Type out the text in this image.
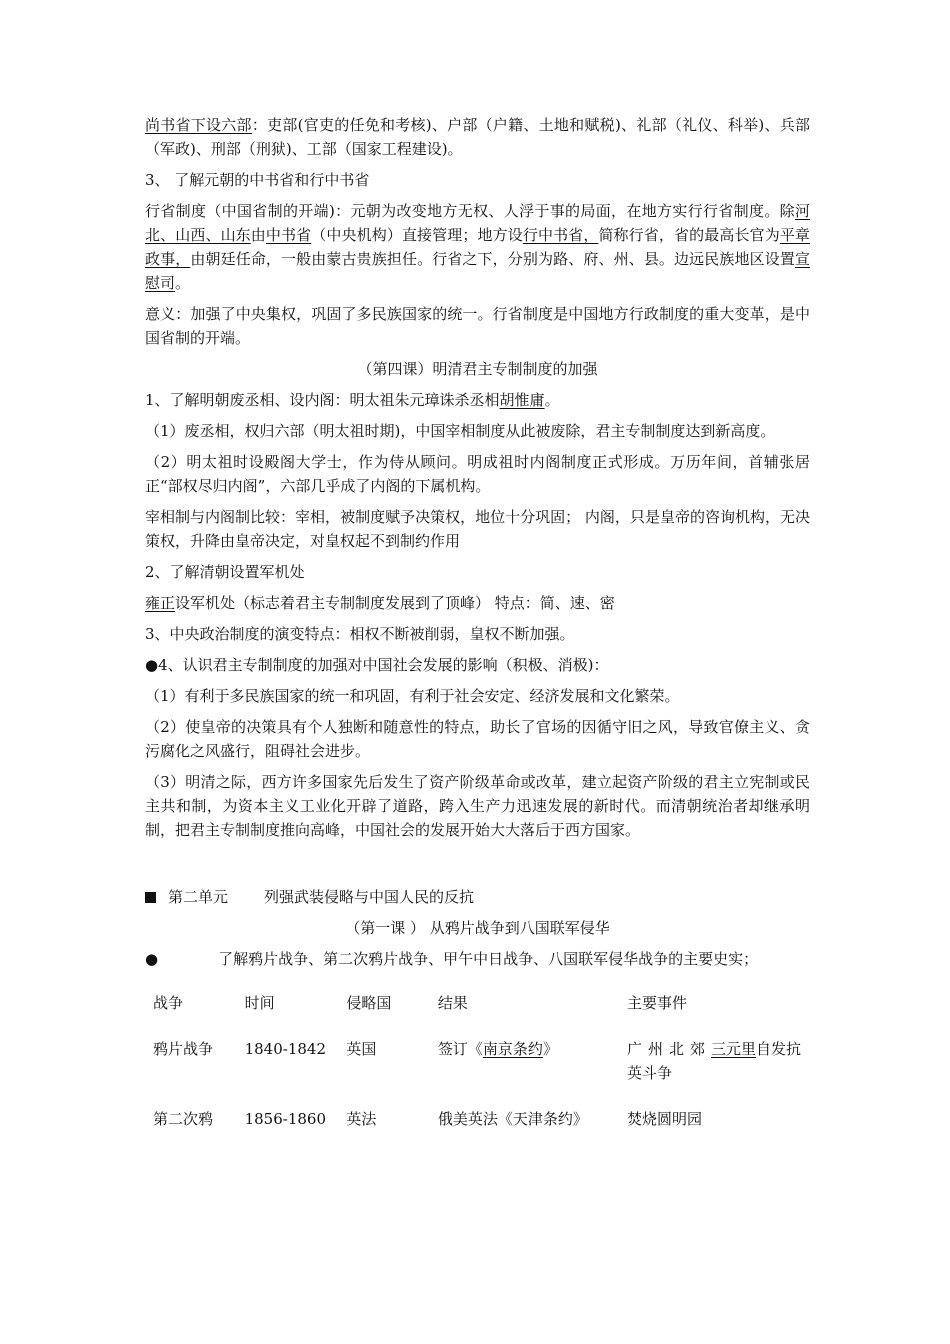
尚书省下设六部：吏部(官吏的任免和考核)、户部（户籍、土地和赋税)、礼部（礼仪、科举)、兵部（军政)、刑部（刑狱)、工部（国家工程建设)。

3、 了解元朝的中书省和行中书省

行省制度（中国省制的开端)：元朝为改变地方无权、人浮于事的局面，在地方实行行省制度。除河北、山西、山东由中书省（中央机构）直接管理；地方设行中书省，简称行省，省的最高长官为平章政事，由朝廷任命，一般由蒙古贵族担任。行省之下，分别为路、府、州、县。边远民族地区设置宣慰司。

意义：加强了中央集权，巩固了多民族国家的统一。行省制度是中国地方行政制度的重大变革，是中国省制的开端。

（第四课）明清君主专制制度的加强

1、了解明朝废丞相、设内阁：明太祖朱元璋诛杀丞相胡惟庸。

（1）废丞相，权归六部（明太祖时期)，中国宰相制度从此被废除，君主专制制度达到新高度。

（2）明太祖时设殿阁大学士，作为侍从顾问。明成祖时内阁制度正式形成。万历年间，首辅张居正“部权尽归内阁”，六部几乎成了内阁的下属机构。

宰相制与内阁制比较：宰相，被制度赋予决策权，地位十分巩固； 内阁，只是皇帝的咨询机构，无决策权，升降由皇帝决定，对皇权起不到制约作用

2、了解清朝设置军机处

雍正设军机处（标志着君主专制制度发展到了顶峰） 特点：简、速、密

3、中央政治制度的演变特点：相权不断被削弱，皇权不断加强。

●4、认识君主专制制度的加强对中国社会发展的影响（积极、消极)：

（1）有利于多民族国家的统一和巩固，有利于社会安定、经济发展和文化繁荣。

（2）使皇帝的决策具有个人独断和随意性的特点，助长了官场的因循守旧之风，导致官僚主义、贪污腐化之风盛行，阻碍社会进步。

（3）明清之际，西方许多国家先后发生了资产阶级革命或改革，建立起资产阶级的君主立宪制或民主共和制，为资本主义工业化开辟了道路，跨入生产力迅速发展的新时代。而清朝统治者却继承明制，把君主专制制度推向高峰，中国社会的发展开始大大落后于西方国家。

第二单元 列强武装侵略与中国人民的反抗

（第一课 ） 从鸦片战争到八国联军侵华

●	了解鸦片战争、第二次鸦片战争、甲午中日战争、八国联军侵华战争的主要史实；

战争	时间	侵略国	结果	主要事件
鸦片战争	1840-1842	英国	签订《南京条约》	广州北郊三元里自发抗英斗争
第二次鸦	1856-1860	英法	俄美英法《天津条约》	焚烧圆明园
